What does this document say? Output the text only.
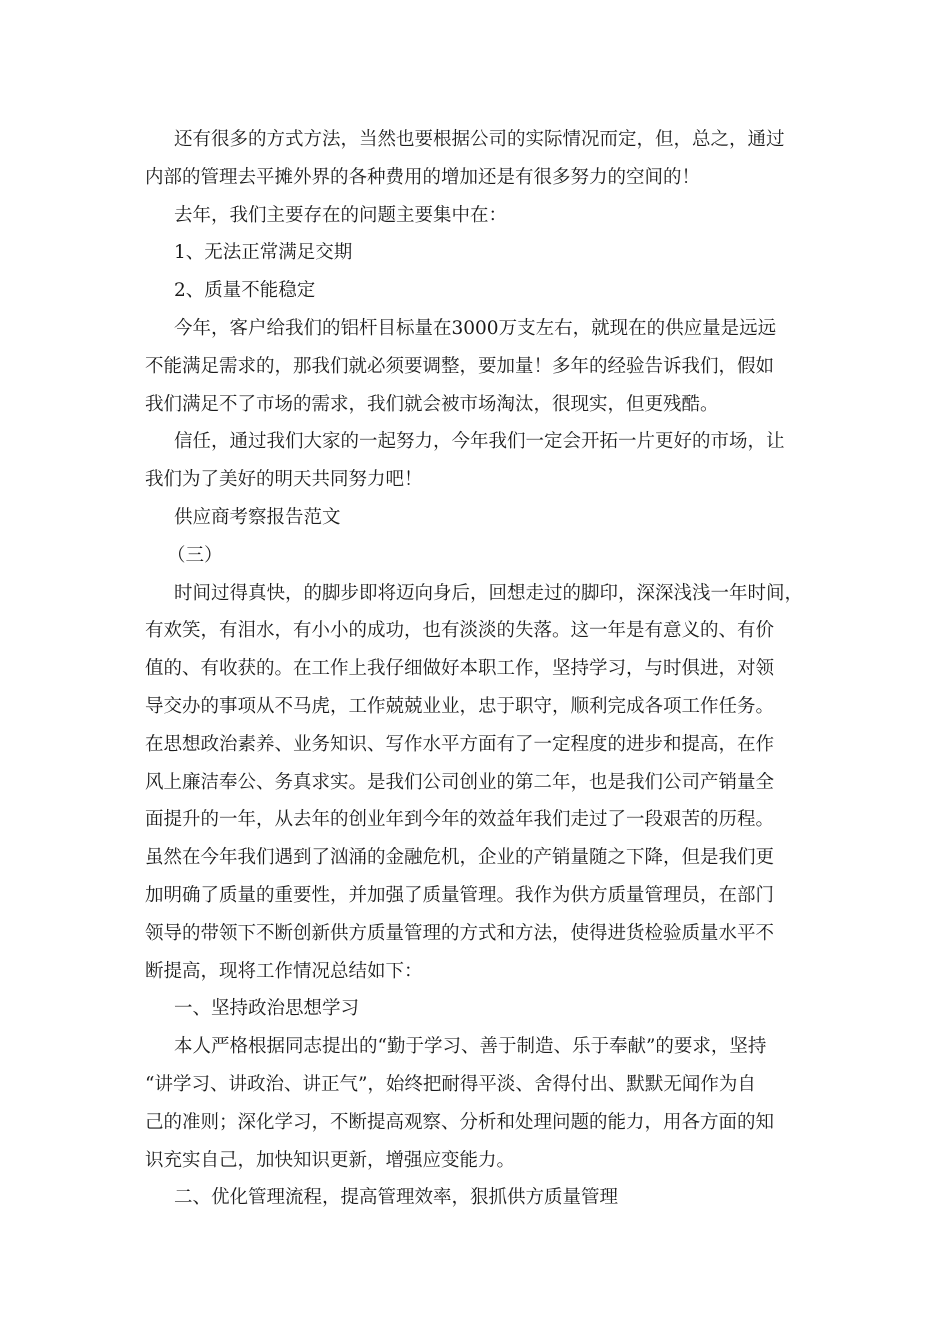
还有很多的方式方法，当然也要根据公司的实际情况而定，但，总之，通过
内部的管理去平摊外界的各种费用的增加还是有很多努力的空间的！
去年，我们主要存在的问题主要集中在：
1、无法正常满足交期
2、质量不能稳定
今年，客户给我们的铝杆目标量在3000万支左右，就现在的供应量是远远
不能满足需求的，那我们就必须要调整，要加量！多年的经验告诉我们，假如
我们满足不了市场的需求，我们就会被市场淘汰，很现实，但更残酷。
信任，通过我们大家的一起努力，今年我们一定会开拓一片更好的市场，让
我们为了美好的明天共同努力吧！
供应商考察报告范文
（三）
时间过得真快，的脚步即将迈向身后，回想走过的脚印，深深浅浅一年时间，
有欢笑，有泪水，有小小的成功，也有淡淡的失落。这一年是有意义的、有价
值的、有收获的。在工作上我仔细做好本职工作，坚持学习，与时俱进，对领
导交办的事项从不马虎，工作兢兢业业，忠于职守，顺利完成各项工作任务。
在思想政治素养、业务知识、写作水平方面有了一定程度的进步和提高，在作
风上廉洁奉公、务真求实。是我们公司创业的第二年，也是我们公司产销量全
面提升的一年，从去年的创业年到今年的效益年我们走过了一段艰苦的历程。
虽然在今年我们遇到了汹涌的金融危机，企业的产销量随之下降，但是我们更
加明确了质量的重要性，并加强了质量管理。我作为供方质量管理员，在部门
领导的带领下不断创新供方质量管理的方式和方法，使得进货检验质量水平不
断提高，现将工作情况总结如下：
一、坚持政治思想学习
本人严格根据同志提出的“勤于学习、善于制造、乐于奉献”的要求，坚持
“讲学习、讲政治、讲正气”，始终把耐得平淡、舍得付出、默默无闻作为自
己的准则；深化学习，不断提高观察、分析和处理问题的能力，用各方面的知
识充实自己，加快知识更新，增强应变能力。
二、优化管理流程，提高管理效率，狠抓供方质量管理
